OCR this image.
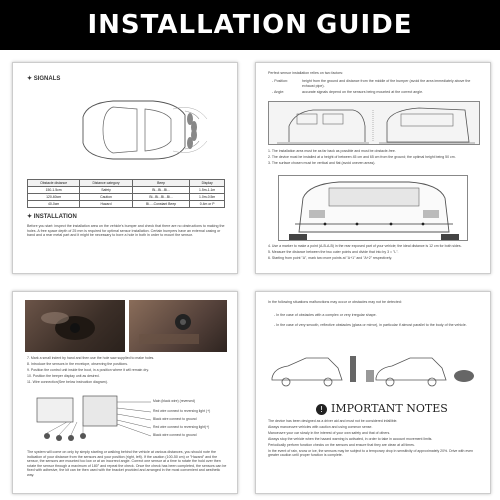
INSTALLATION GUIDE
✦ SIGNALS
Obstacle distance	Distance category	Beep	Display
150-1.5cm	Safety	Bi...Bi...Bi...	1.5m-1.1m
120-60cm	Caution	Bi...Bi...Bi...Bi...	1.0m-0.5m
40-0cm	Hazard	Bi.....Constant Beep	0.4m or P
✦ INSTALLATION
Before you start: inspect the installation area on the vehicle's bumper and check that there are no obstructions to making the holes. A free space depth of 25 mm is required for optimal sensor installation. Certain bumpers have an external casing or band and a rear metal part and it might be necessary to bore a hole in both in order to mount the sensor.
Perfect sensor installation relies on two factors:
- Position:	height from the ground and distance from the middle of the bumper (avoid the area immediately above the exhaust pipe).
- Angle:	accurate signals depend on the sensors being mounted at the correct angle.
1. The installation area must be as far back as possible and must be obstacle-free.
2. The device must be installed at a height of between 45 cm and 65 cm from the ground; the optimal height being 50 cm.
3. The surface chosen must be vertical and flat (avoid uneven areas).
4. Use a marker to make a point (A-B-A-B) in the rear exposed part of your vehicle; the ideal distance is 12 cm for both sides.
5. Measure the distance between the two outer points and divide that into by 3 = "L".
6. Starting from point "A", mark two more points at "A+1" and "A+2" respectively.
7. Mark a small indent by hand and then use the hole saw supplied to make holes.
8. Introduce the sensors in the envelope, observing the positions.
9. Position the control unit inside the boot, in a position where it will remain dry.
10. Position the beeper display unit as desired.
11. Wire connection(See below instruction diagram).
Main (black wire) (reversed)
Red wire connect to reversing light (+)
Black wire connect to ground
Red wire connect to reversing light(+)
Black wire connect to ground
The system will come on only by simply starting or walking behind the vehicle at various distances, you should note the indication of your distance from the sensors and your position (right, left). If the caution (100-50 cm) or "Hazard" and the sensor, the sensors are mounted too low or at an incorrect angle. Correct one sensor at a time to rotate the hold over then rotate the sensor through a maximum of 180° and repeat the check. Once the check has been completed, the sensors can be fixed with adhesive, the kit can be then used with the bracket provided and arranged in the most convenient and aesthetic way.
In the following situations malfunctions may occur or obstacles may not be detected:
- In the case of obstacles with a complex or very irregular shape.
- In the case of very smooth, reflective obstacles (glass or mirror), in particular if almost parallel to the body of the vehicle.
! IMPORTANT NOTES
The device has been designed as a driver aid and must not be considered infallible.
Always manoeuvre vehicles with caution and using common sense.
Manoeuvre your car slowly in the interest of your own safety and that of others.
Always stop the vehicle when the hazard warning is activated, in order to take in account movement limits.
Periodically perform function checks on the sensors and ensure that they are clean at all times.
In the event of rain, snow or ice, the sensors may be subject to a temporary drop in sensitivity of approximately 20%. Drive with even greater caution until proper function is complete.
